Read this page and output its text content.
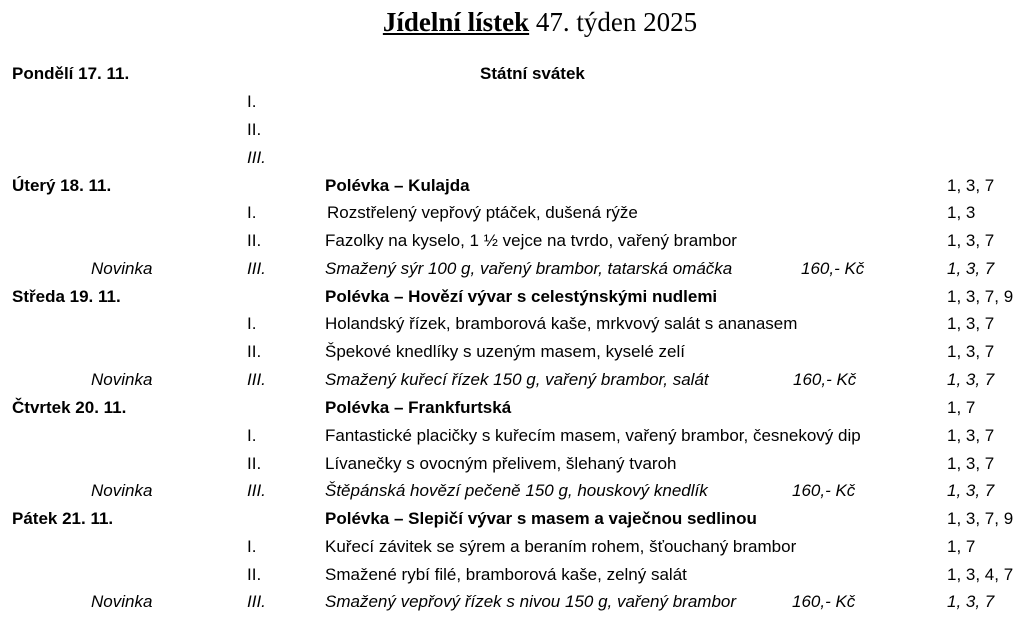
Jídelní lístek 47. týden 2025
Pondělí 17. 11.	Státní svátek
I.
II.
III.
Úterý 18. 11.	Polévka – Kulajda	1, 3, 7
I.	Rozstřelený vepřový ptáček, dušená rýže	1, 3
II.	Fazolky na kyselo, 1 ½ vejce na tvrdo, vařený brambor	1, 3, 7
Novinka	III.	Smažený sýr 100 g, vařený brambor, tatarská omáčka	160,- Kč	1, 3, 7
Středa 19. 11.	Polévka – Hovězí vývar s celestýnskými nudlemi	1, 3, 7, 9
I.	Holandský řízek, bramborová kaše, mrkvový salát s ananasem	1, 3, 7
II.	Špekové knedlíky s uzeným masem, kyselé zelí	1, 3, 7
Novinka	III.	Smažený kuřecí řízek 150 g, vařený brambor, salát	160,- Kč	1, 3, 7
Čtvrtek 20. 11.	Polévka – Frankfurtská	1, 7
I.	Fantastické placičky s kuřecím masem, vařený brambor, česnekový dip	1, 3, 7
II.	Lívanečky s ovocným přelivem, šlehaný tvaroh	1, 3, 7
Novinka	III.	Štěpánská hovězí pečeně 150 g, houskový knedlík	160,- Kč	1, 3, 7
Pátek 21. 11.	Polévka – Slepičí vývar s masem a vaječnou sedlinou	1, 3, 7, 9
I.	Kuřecí závitek se sýrem a beraním rohem, šťouchaný brambor	1, 7
II.	Smažené rybí filé, bramborová kaše, zelný salát	1, 3, 4, 7
Novinka	III.	Smažený vepřový řízek s nivou 150 g, vařený brambor	160,- Kč	1, 3, 7
